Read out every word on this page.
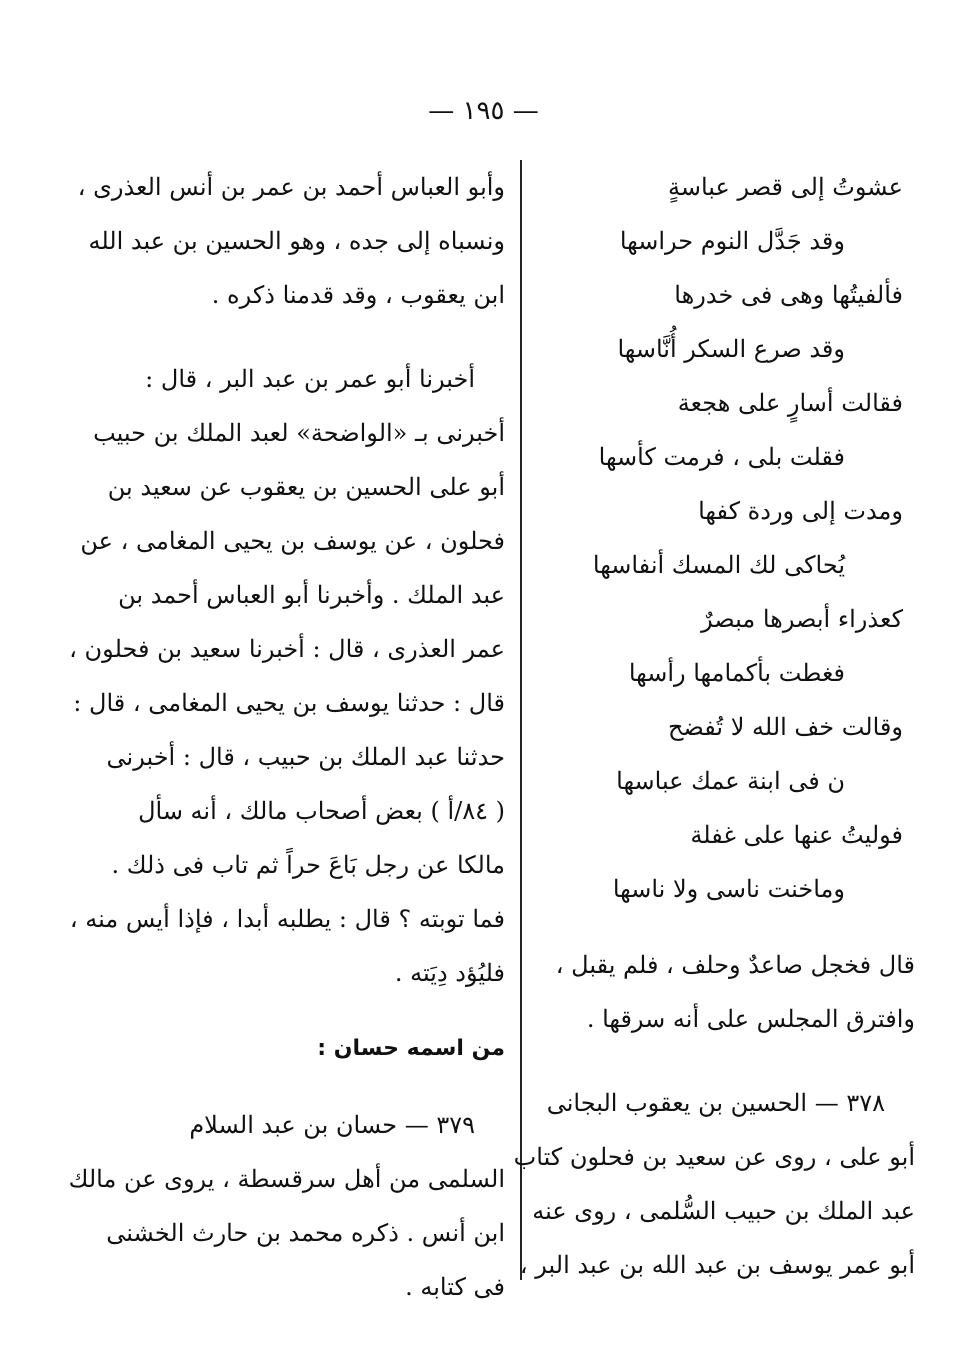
— ١٩٥ —
عشوتُ إلى قصر عباسةٍ
وقد جَدَّل النوم حراسها
فألفيتُها وهى فى خدرها
وقد صرع السكر أُنَّاسها
فقالت أسارٍ على هجعة
فقلت بلى ، فرمت كأسها
ومدت إلى وردة كفها
يُحاكى لك المسك أنفاسها
كعذراء أبصرها مبصرٌ
فغطت بأكمامها رأسها
وقالت خف الله لا تُفضح
ن فى ابنة عمك عباسها
فوليتُ عنها على غفلة
وماخنت ناسى ولا ناسها
قال فخجل صاعدٌ وحلف ، فلم يقبل ،
وافترق المجلس على أنه سرقها .
٣٧٨ — الحسين بن يعقوب البجانى
أبو على ، روى عن سعيد بن فحلون كتاب
عبد الملك بن حبيب السُّلمى ، روى عنه
أبو عمر يوسف بن عبد الله بن عبد البر ،
وأبو العباس أحمد بن عمر بن أنس العذرى ،
ونسباه إلى جده ، وهو الحسين بن عبد الله
ابن يعقوب ، وقد قدمنا ذكره .
أخبرنا أبو عمر بن عبد البر ، قال :
أخبرنى بـ «الواضحة» لعبد الملك بن حبيب
أبو على الحسين بن يعقوب عن سعيد بن
فحلون ، عن يوسف بن يحيى المغامى ، عن
عبد الملك . وأخبرنا أبو العباس أحمد بن
عمر العذرى ، قال : أخبرنا سعيد بن فحلون ،
قال : حدثنا يوسف بن يحيى المغامى ، قال :
حدثنا عبد الملك بن حبيب ، قال : أخبرنى
( ٨٤/أ ) بعض أصحاب مالك ، أنه سأل
مالكا عن رجل بَاعَ حراً ثم تاب فى ذلك .
فما توبته ؟ قال : يطلبه أبدا ، فإذا أيس منه ،
فليُؤد دِيَته .
من اسمه حسان :
٣٧٩ — حسان بن عبد السلام
السلمى من أهل سرقسطة ، يروى عن مالك
ابن أنس . ذكره محمد بن حارث الخشنى
فى كتابه .
